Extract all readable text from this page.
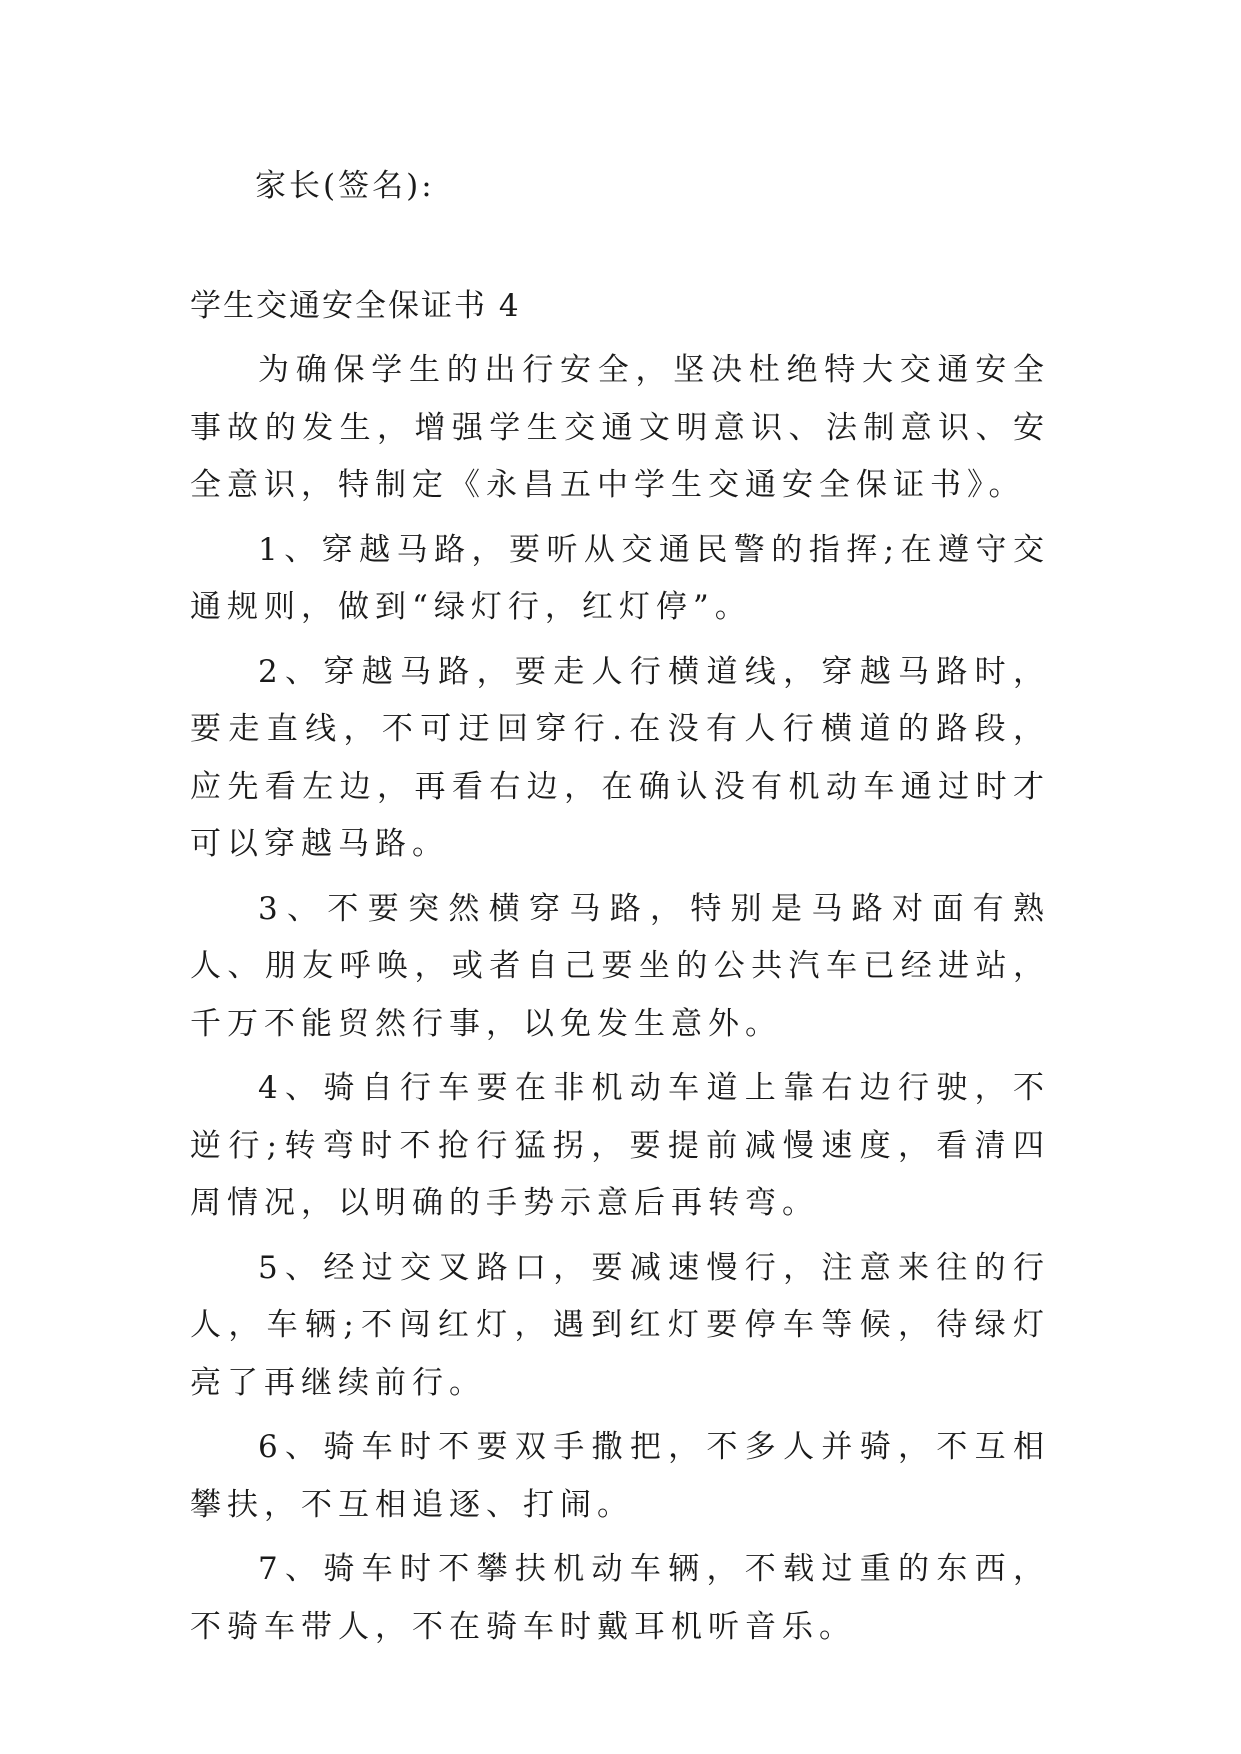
家长(签名):

学生交通安全保证书 4

为确保学生的出行安全，坚决杜绝特大交通安全事故的发生，增强学生交通文明意识、法制意识、安全意识，特制定《永昌五中学生交通安全保证书》。

1、穿越马路，要听从交通民警的指挥;在遵守交通规则，做到“绿灯行，红灯停”。

2、穿越马路，要走人行横道线，穿越马路时，要走直线，不可迂回穿行.在没有人行横道的路段，应先看左边，再看右边，在确认没有机动车通过时才可以穿越马路。

3、不要突然横穿马路，特别是马路对面有熟人、朋友呼唤，或者自己要坐的公共汽车已经进站，千万不能贸然行事，以免发生意外。

4、骑自行车要在非机动车道上靠右边行驶，不逆行;转弯时不抢行猛拐，要提前减慢速度，看清四周情况，以明确的手势示意后再转弯。

5、经过交叉路口，要减速慢行，注意来往的行人，车辆;不闯红灯，遇到红灯要停车等候，待绿灯亮了再继续前行。

6、骑车时不要双手撒把，不多人并骑，不互相攀扶，不互相追逐、打闹。

7、骑车时不攀扶机动车辆，不载过重的东西，不骑车带人，不在骑车时戴耳机听音乐。
